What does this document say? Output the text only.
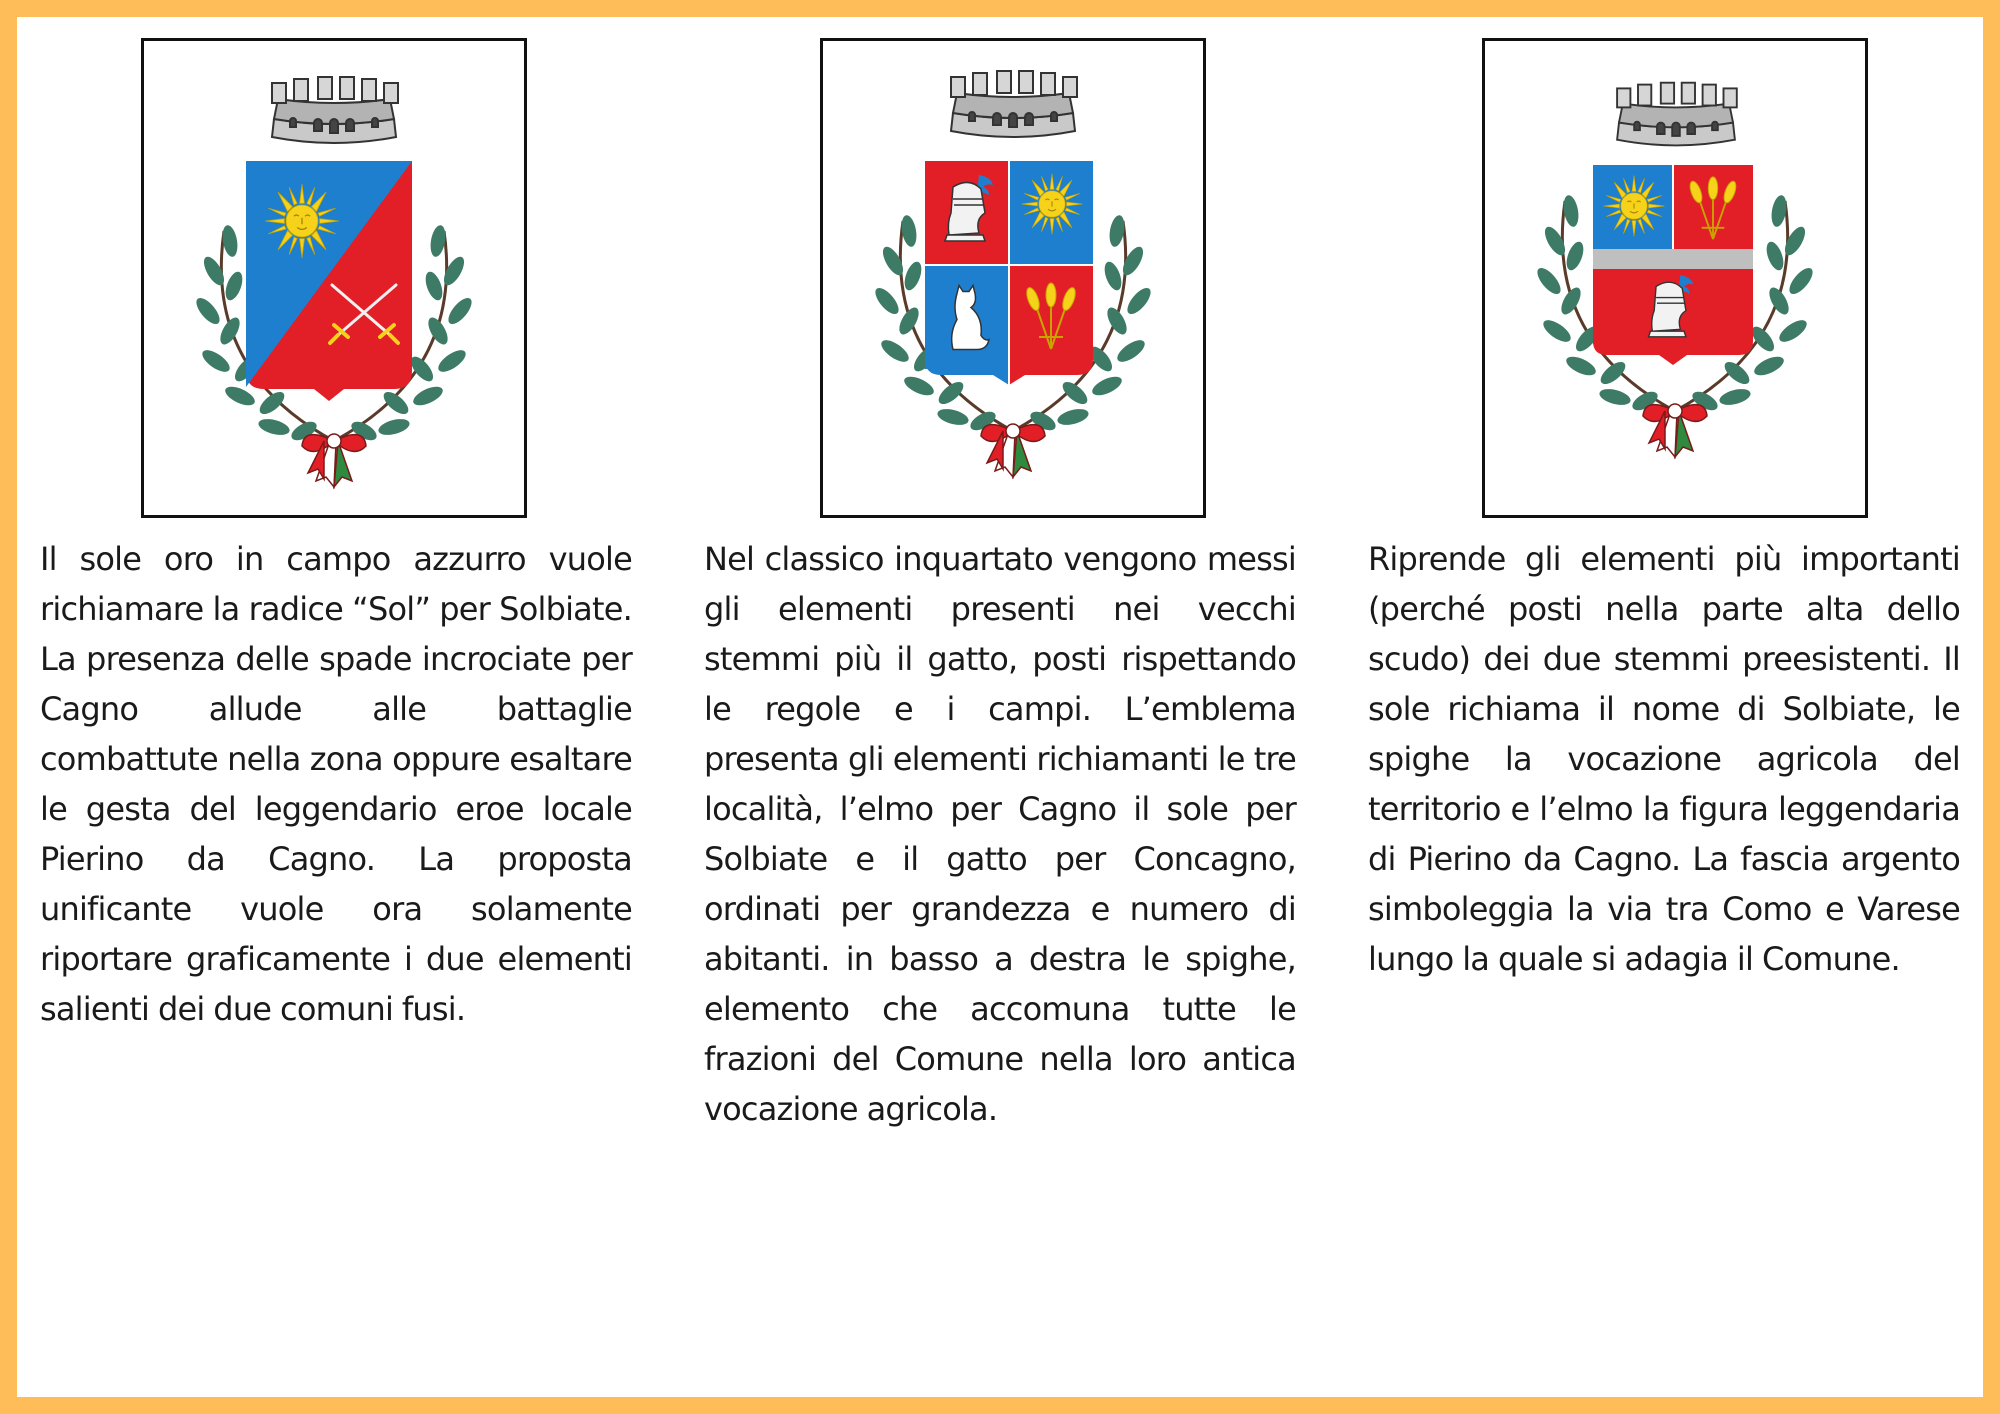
Il sole oro in campo azzurro vuole richiamare la radice “Sol” per Solbiate. La presenza delle spade incrociate per Cagno allude alle battaglie combattute nella zona oppure esaltare le gesta del leggendario eroe locale Pierino da Cagno. La proposta unificante vuole ora solamente riportare graficamente i due elementi salienti dei due comuni fusi.

Nel classico inquartato vengono messi gli elementi presenti nei vecchi stemmi più il gatto, posti rispettando le regole e i campi. L’emblema presenta gli elementi richiamanti le tre località, l’elmo per Cagno il sole per Solbiate e il gatto per Concagno, ordinati per grandezza e numero di abitanti. in basso a destra le spighe, elemento che accomuna tutte le frazioni del Comune nella loro antica vocazione agricola.

Riprende gli elementi più importanti (perché posti nella parte alta dello scudo) dei due stemmi preesistenti. Il sole richiama il nome di Solbiate, le spighe la vocazione agricola del territorio e l’elmo la figura leggendaria di Pierino da Cagno. La fascia argento simboleggia la via tra Como e Varese lungo la quale si adagia il Comune.
